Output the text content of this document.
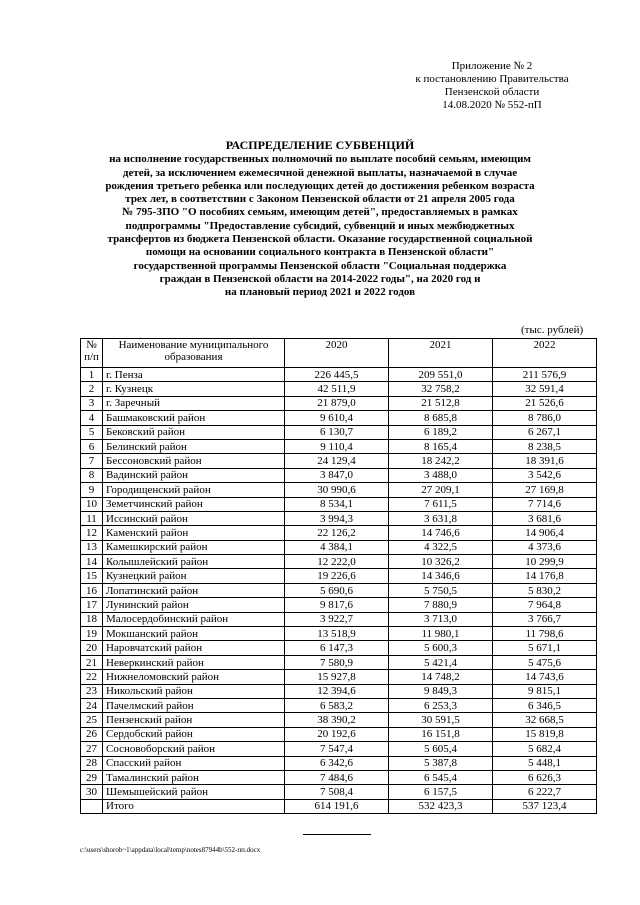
Приложение № 2
к постановлению Правительства
Пензенской области
14.08.2020 № 552-пП
РАСПРЕДЕЛЕНИЕ СУБВЕНЦИЙ
на исполнение государственных полномочий по выплате пособий семьям, имеющим
детей, за исключением ежемесячной денежной выплаты, назначаемой в случае
рождения третьего ребенка или последующих детей до достижения ребенком возраста
трех лет, в соответствии с Законом Пензенской области от 21 апреля 2005 года
№ 795-ЗПО "О пособиях семьям, имеющим детей", предоставляемых в рамках
подпрограммы "Предоставление субсидий, субвенций и иных межбюджетных
трансфертов из бюджета Пензенской области. Оказание государственной социальной
помощи на основании социального контракта в Пензенской области"
государственной программы Пензенской области "Социальная поддержка
граждан в Пензенской области на 2014-2022 годы", на 2020 год и
на плановый период 2021 и 2022 годов
(тыс. рублей)
№ п/п	Наименование муниципального образования	2020	2021	2022
1	г. Пенза	226 445,5	209 551,0	211 576,9
2	г. Кузнецк	42 511,9	32 758,2	32 591,4
3	г. Заречный	21 879,0	21 512,8	21 526,6
4	Башмаковский район	9 610,4	8 685,8	8 786,0
5	Бековский район	6 130,7	6 189,2	6 267,1
6	Белинский район	9 110,4	8 165,4	8 238,5
7	Бессоновский район	24 129,4	18 242,2	18 391,6
8	Вадинский район	3 847,0	3 488,0	3 542,6
9	Городищенский район	30 990,6	27 209,1	27 169,8
10	Земетчинский район	8 534,1	7 611,5	7 714,6
11	Иссинский район	3 994,3	3 631,8	3 681,6
12	Каменский район	22 126,2	14 746,6	14 906,4
13	Камешкирский район	4 384,1	4 322,5	4 373,6
14	Колышлейский район	12 222,0	10 326,2	10 299,9
15	Кузнецкий район	19 226,6	14 346,6	14 176,8
16	Лопатинский район	5 690,6	5 750,5	5 830,2
17	Лунинский район	9 817,6	7 880,9	7 964,8
18	Малосердобинский район	3 922,7	3 713,0	3 766,7
19	Мокшанский район	13 518,9	11 980,1	11 798,6
20	Наровчатский район	6 147,3	5 600,3	5 671,1
21	Неверкинский район	7 580,9	5 421,4	5 475,6
22	Нижнеломовский район	15 927,8	14 748,2	14 743,6
23	Никольский район	12 394,6	9 849,3	9 815,1
24	Пачелмский район	6 583,2	6 253,3	6 346,5
25	Пензенский район	38 390,2	30 591,5	32 668,5
26	Сердобский район	20 192,6	16 151,8	15 819,8
27	Сосновоборский район	7 547,4	5 605,4	5 682,4
28	Спасский район	6 342,6	5 387,8	5 448,1
29	Тамалинский район	7 484,6	6 545,4	6 626,3
30	Шемышейский район	7 508,4	6 157,5	6 222,7
	Итого	614 191,6	532 423,3	537 123,4
c:\users\shorob~1\appdata\local\temp\notes87944b\552-пп.docx
